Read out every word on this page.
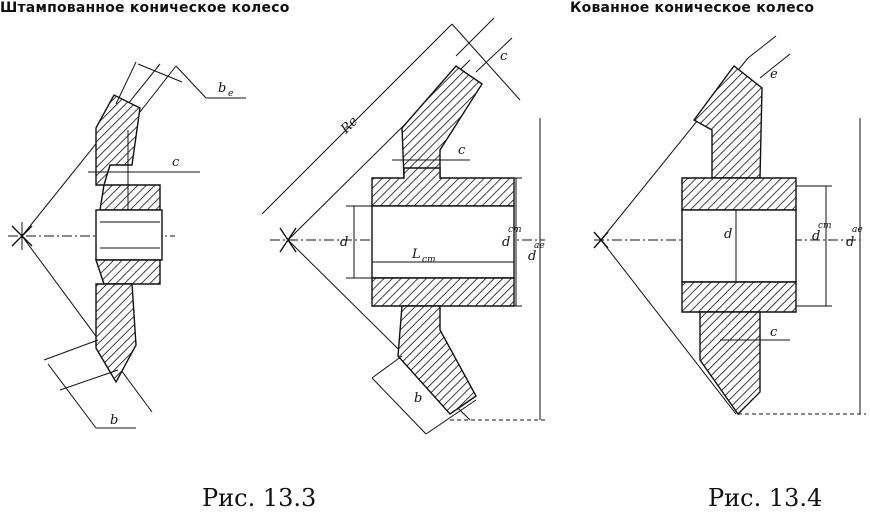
Штампованное коническое колесо	Кованное коническое колесо
b e
c
b
Re
c
c
d
L cm
d
cm
d
ae
b
e
d	d
cm
d
ae
c
Рис. 13.3	Рис. 13.4
